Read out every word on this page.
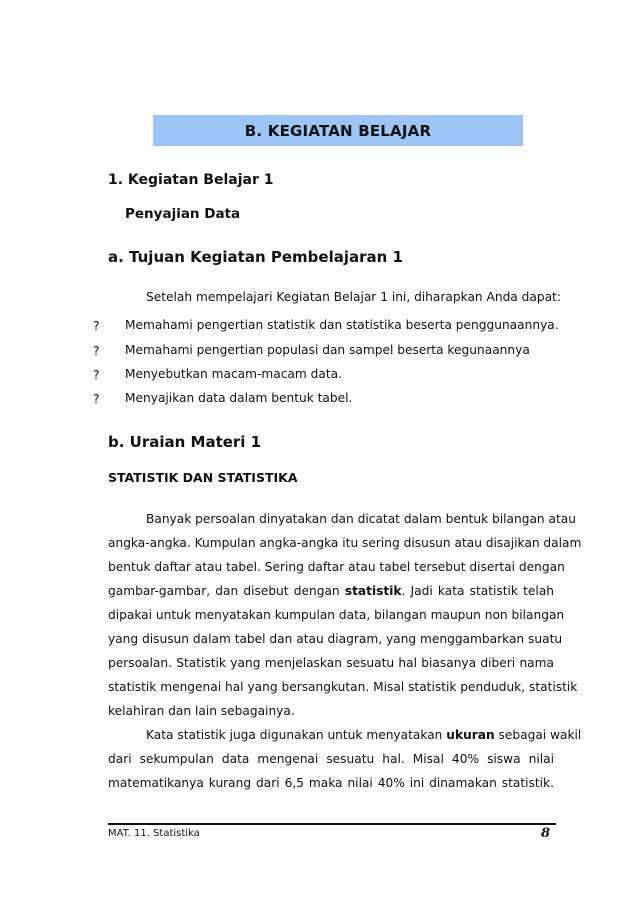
B. KEGIATAN BELAJAR
1. Kegiatan Belajar 1
Penyajian Data
a. Tujuan Kegiatan Pembelajaran 1
Setelah mempelajari Kegiatan Belajar 1 ini, diharapkan Anda dapat:
? Memahami pengertian statistik dan statistika beserta penggunaannya.
? Memahami pengertian populasi dan sampel beserta kegunaannya
? Menyebutkan macam-macam data.
? Menyajikan data dalam bentuk tabel.
b. Uraian Materi 1
STATISTIK DAN STATISTIKA
Banyak persoalan dinyatakan dan dicatat dalam bentuk bilangan atau
angka-angka. Kumpulan angka-angka itu sering disusun atau disajikan dalam
bentuk daftar atau tabel. Sering daftar atau tabel tersebut disertai dengan
gambar-gambar, dan disebut dengan statistik. Jadi kata statistik telah
dipakai untuk menyatakan kumpulan data, bilangan maupun non bilangan
yang disusun dalam tabel dan atau diagram, yang menggambarkan suatu
persoalan. Statistik yang menjelaskan sesuatu hal biasanya diberi nama
statistik mengenai hal yang bersangkutan. Misal statistik penduduk, statistik
kelahiran dan lain sebagainya.
Kata statistik juga digunakan untuk menyatakan ukuran sebagai wakil
dari sekumpulan data mengenai sesuatu hal. Misal 40% siswa nilai
matematikanya kurang dari 6,5 maka nilai 40% ini dinamakan statistik.
MAT. 11. Statistika	8
